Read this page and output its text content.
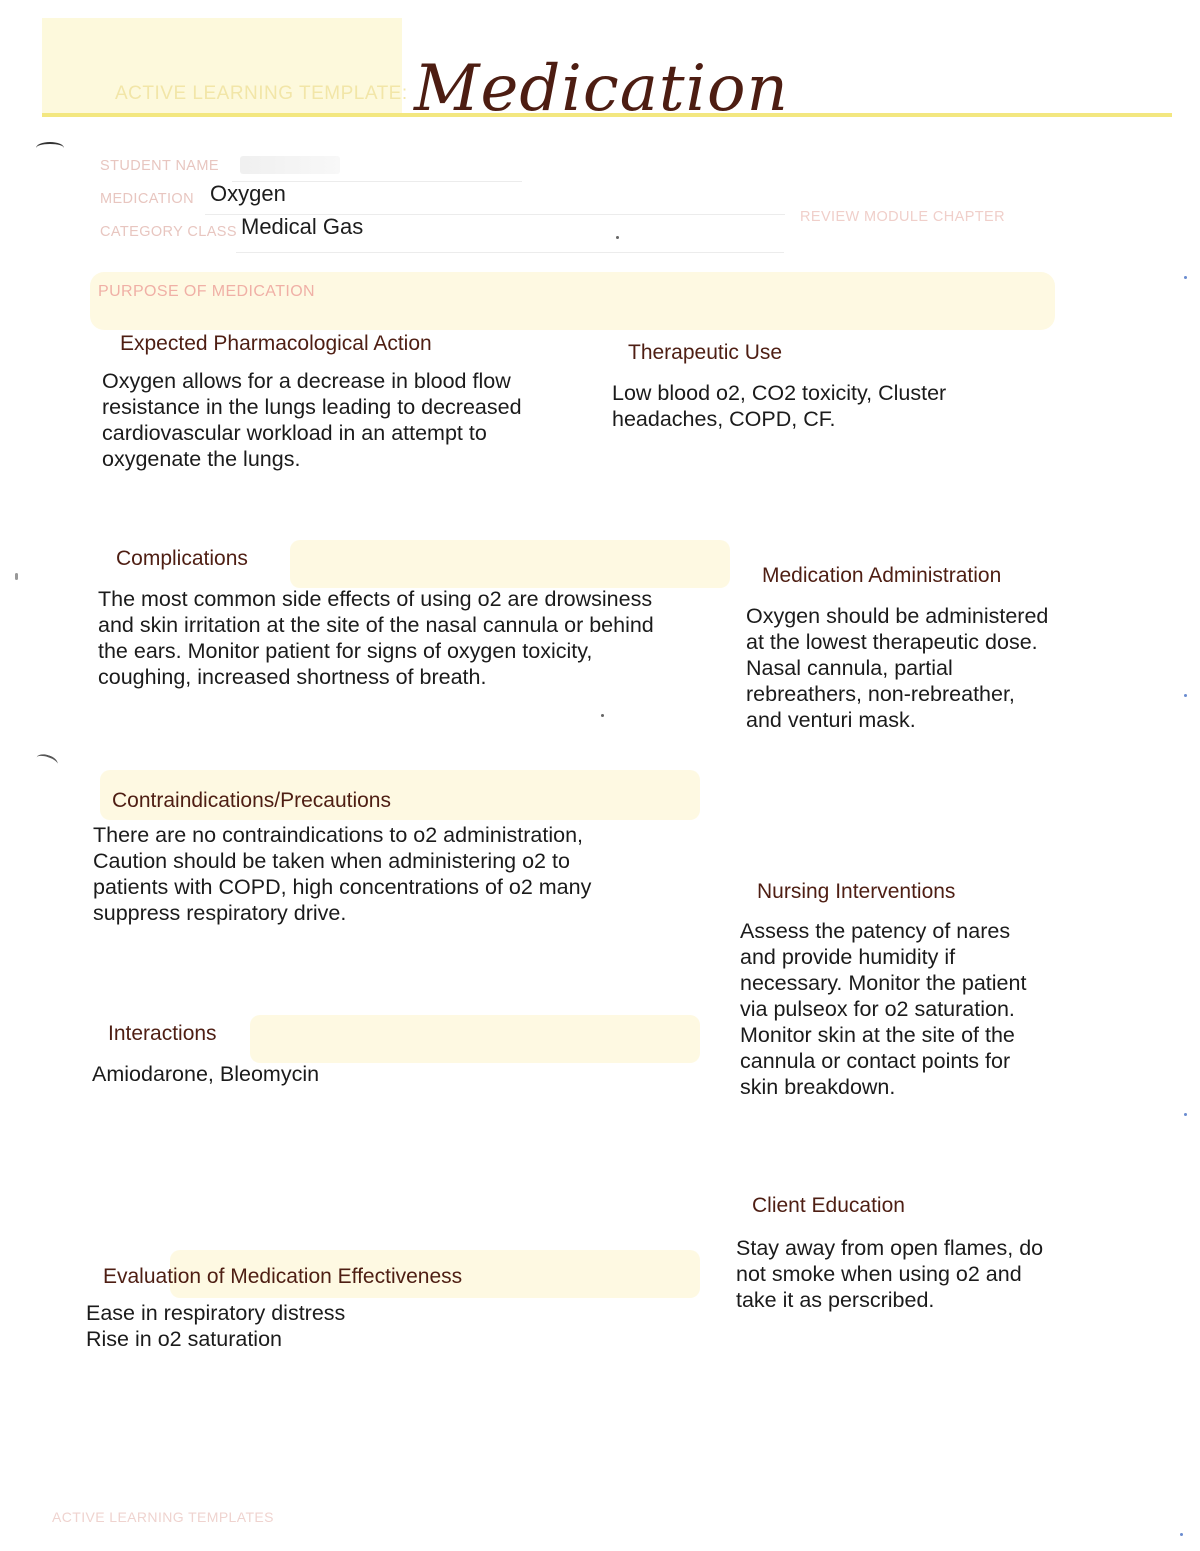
ACTIVE LEARNING TEMPLATE: Medication
STUDENT NAME
MEDICATION Oxygen
CATEGORY CLASS Medical Gas	REVIEW MODULE CHAPTER
PURPOSE OF MEDICATION
Expected Pharmacological Action
Oxygen allows for a decrease in blood flow
resistance in the lungs leading to decreased
cardiovascular workload in an attempt to
oxygenate the lungs.
Therapeutic Use
Low blood o2, CO2 toxicity, Cluster
headaches, COPD, CF.
Complications
The most common side effects of using o2 are drowsiness
and skin irritation at the site of the nasal cannula or behind
the ears. Monitor patient for signs of oxygen toxicity,
coughing, increased shortness of breath.
Medication Administration
Oxygen should be administered
at the lowest therapeutic dose.
Nasal cannula, partial
rebreathers, non-rebreather,
and venturi mask.
Contraindications/Precautions
There are no contraindications to o2 administration,
Caution should be taken when administering o2 to
patients with COPD, high concentrations of o2 many
suppress respiratory drive.
Nursing Interventions
Assess the patency of nares
and provide humidity if
necessary. Monitor the patient
via pulseox for o2 saturation.
Monitor skin at the site of the
cannula or contact points for
skin breakdown.
Interactions
Amiodarone, Bleomycin
Client Education
Stay away from open flames, do
not smoke when using o2 and
take it as perscribed.
Evaluation of Medication Effectiveness
Ease in respiratory distress
Rise in o2 saturation
ACTIVE LEARNING TEMPLATES
